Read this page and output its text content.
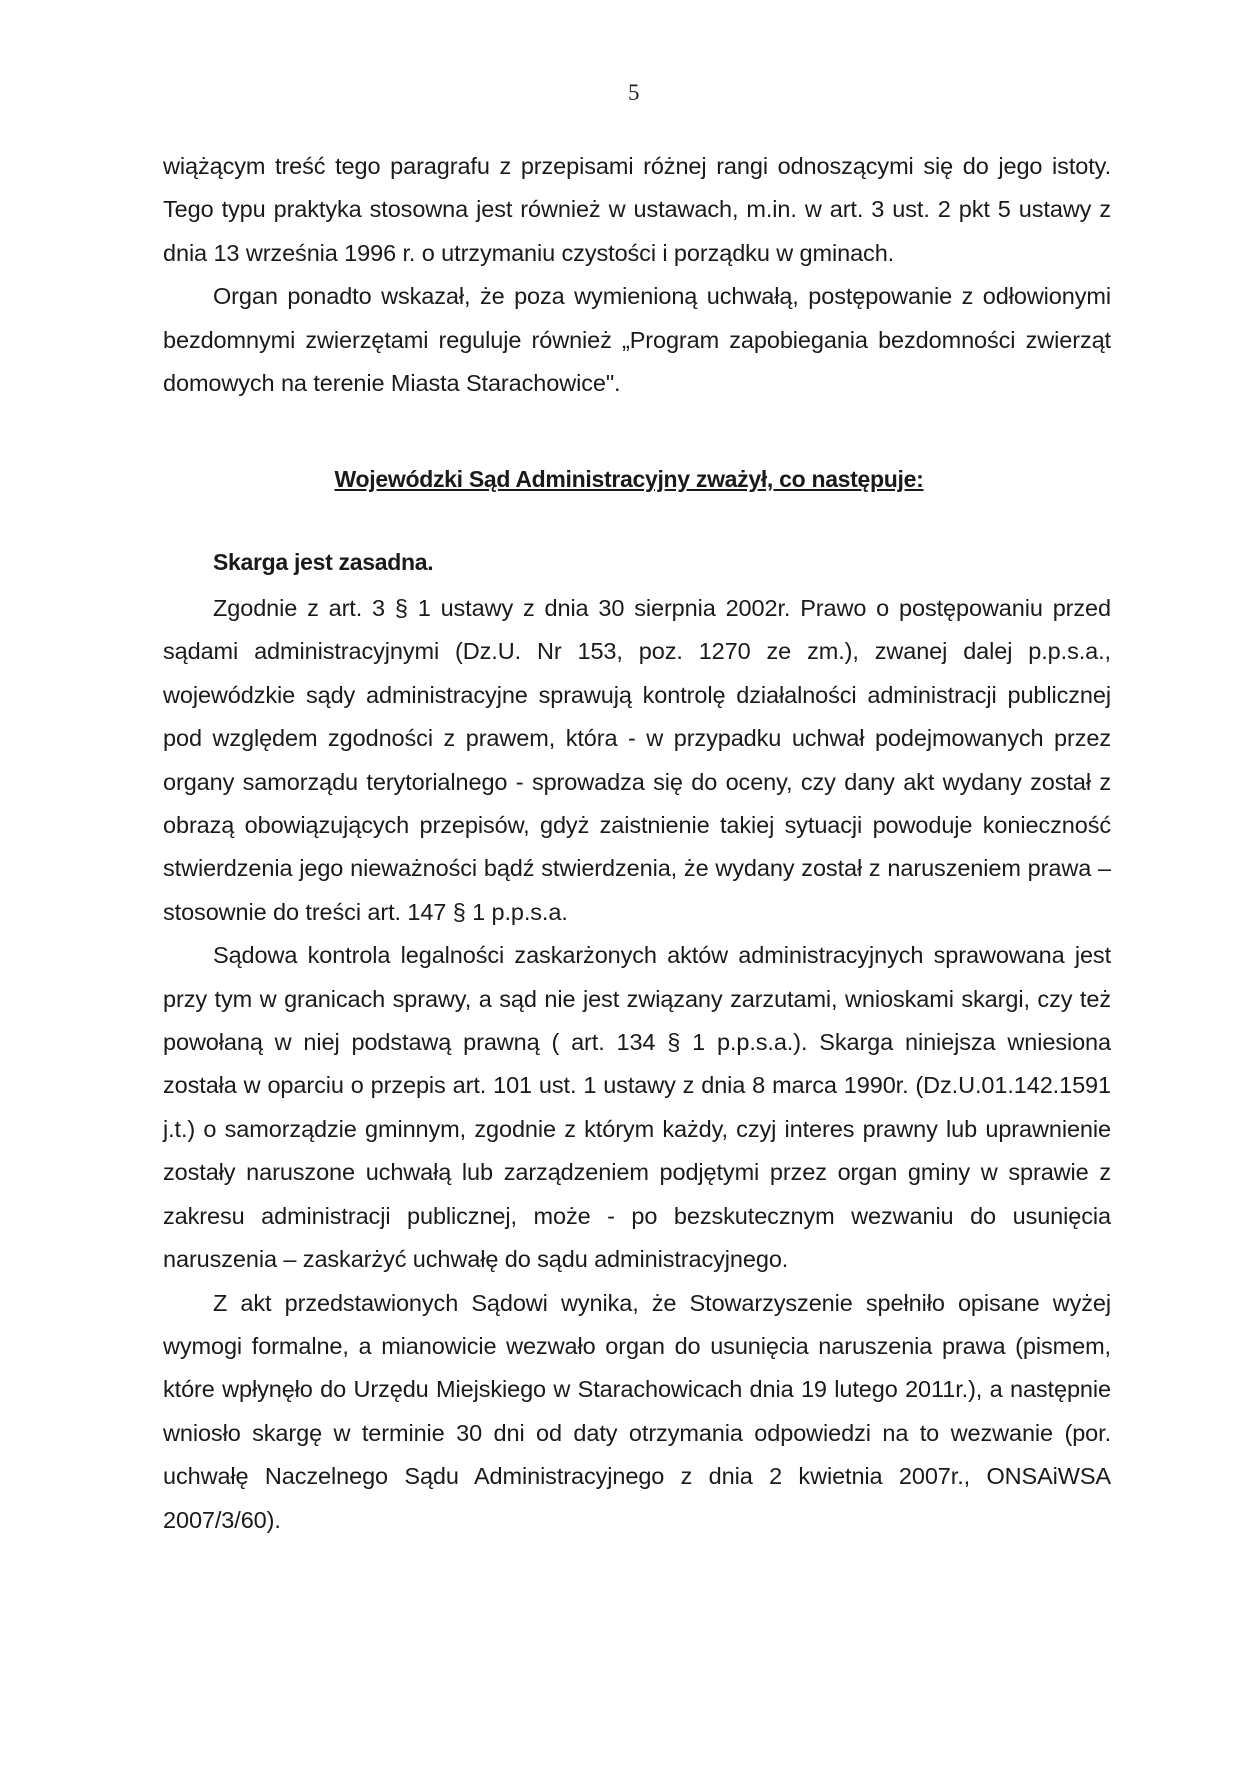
5

wiążącym treść tego paragrafu z przepisami różnej rangi odnoszącymi się do jego istoty. Tego typu praktyka stosowna jest również w ustawach, m.in. w art. 3 ust. 2 pkt 5 ustawy z dnia 13 września 1996 r. o utrzymaniu czystości i porządku w gminach.

Organ ponadto wskazał, że poza wymienioną uchwałą, postępowanie z odłowionymi bezdomnymi zwierzętami reguluje również „Program zapobiegania bezdomności zwierząt domowych na terenie Miasta Starachowice".

Wojewódzki Sąd Administracyjny zważył, co następuje:
Skarga jest zasadna.

Zgodnie z art. 3 § 1 ustawy z dnia 30 sierpnia 2002r. Prawo o postępowaniu przed sądami administracyjnymi (Dz.U. Nr 153, poz. 1270 ze zm.), zwanej dalej p.p.s.a., wojewódzkie sądy administracyjne sprawują kontrolę działalności administracji publicznej pod względem zgodności z prawem, która - w przypadku uchwał podejmowanych przez organy samorządu terytorialnego - sprowadza się do oceny, czy dany akt wydany został z obrazą obowiązujących przepisów, gdyż zaistnienie takiej sytuacji powoduje konieczność stwierdzenia jego nieważności bądź stwierdzenia, że wydany został z naruszeniem prawa – stosownie do treści art. 147 § 1 p.p.s.a.

Sądowa kontrola legalności zaskarżonych aktów administracyjnych sprawowana jest przy tym w granicach sprawy, a sąd nie jest związany zarzutami, wnioskami skargi, czy też powołaną w niej podstawą prawną ( art. 134 § 1 p.p.s.a.). Skarga niniejsza wniesiona została w oparciu o przepis art. 101 ust. 1 ustawy z dnia 8 marca 1990r. (Dz.U.01.142.1591 j.t.) o samorządzie gminnym, zgodnie z którym każdy, czyj interes prawny lub uprawnienie zostały naruszone uchwałą lub zarządzeniem podjętymi przez organ gminy w sprawie z zakresu administracji publicznej, może - po bezskutecznym wezwaniu do usunięcia naruszenia – zaskarżyć uchwałę do sądu administracyjnego.

Z akt przedstawionych Sądowi wynika, że Stowarzyszenie spełniło opisane wyżej wymogi formalne, a mianowicie wezwało organ do usunięcia naruszenia prawa (pismem, które wpłynęło do Urzędu Miejskiego w Starachowicach dnia 19 lutego 2011r.), a następnie wniosło skargę w terminie 30 dni od daty otrzymania odpowiedzi na to wezwanie (por. uchwałę Naczelnego Sądu Administracyjnego z dnia 2 kwietnia 2007r., ONSAiWSA 2007/3/60).
